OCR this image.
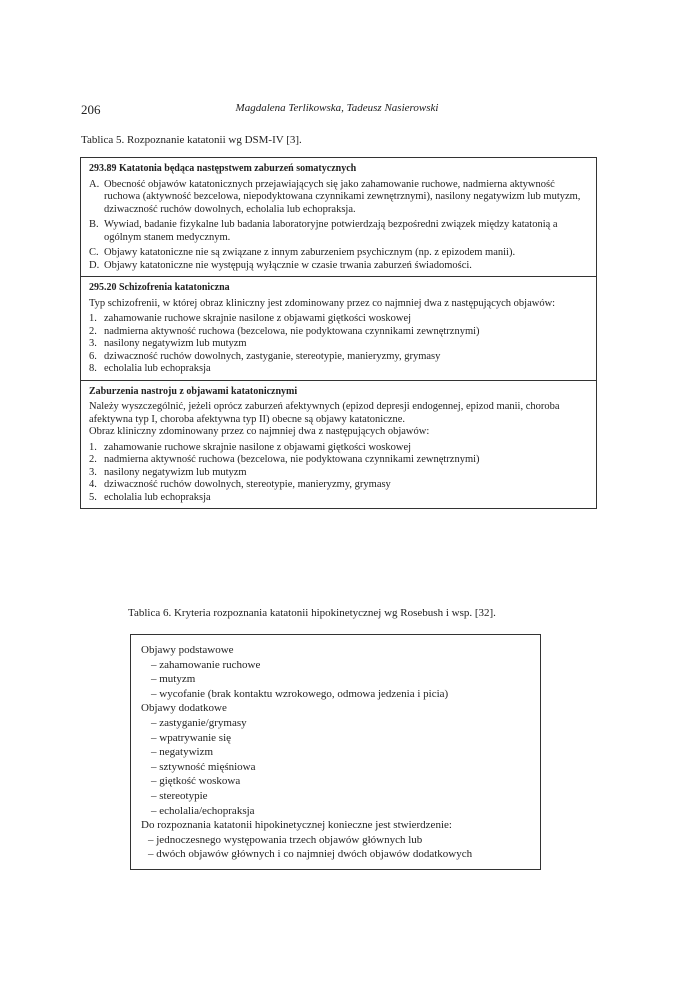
206	Magdalena Terlikowska, Tadeusz Nasierowski
Tablica 5. Rozpoznanie katatonii wg DSM-IV [3].
293.89 Katatonia będąca następstwem zaburzeń somatycznych
A. Obecność objawów katatonicznych przejawiających się jako zahamowanie ruchowe, nadmierna aktywność ruchowa (aktywność bezcelowa, niepodyktowana czynnikami zewnętrznymi), nasilony negatywizm lub mutyzm, dziwaczność ruchów dowolnych, echolalia lub echopraksja.
B. Wywiad, badanie fizykalne lub badania laboratoryjne potwierdzają bezpośredni związek między katatonią a ogólnym stanem medycznym.
C. Objawy katatoniczne nie są związane z innym zaburzeniem psychicznym (np. z epizodem manii).
D. Objawy katatoniczne nie występują wyłącznie w czasie trwania zaburzeń świadomości.
295.20 Schizofrenia katatoniczna
Typ schizofrenii, w której obraz kliniczny jest zdominowany przez co najmniej dwa z następujących objawów:
1. zahamowanie ruchowe skrajnie nasilone z objawami giętkości woskowej
2. nadmierna aktywność ruchowa (bezcelowa, nie podyktowana czynnikami zewnętrznymi)
3. nasilony negatywizm lub mutyzm
6. dziwaczność ruchów dowolnych, zastyganie, stereotypie, manieryzmy, grymasy
8. echolalia lub echopraksja
Zaburzenia nastroju z objawami katatonicznymi
Należy wyszczególnić, jeżeli oprócz zaburzeń afektywnych (epizod depresji endogennej, epizod manii, choroba afektywna typ I, choroba afektywna typ II) obecne są objawy katatoniczne.
Obraz kliniczny zdominowany przez co najmniej dwa z następujących objawów:
1. zahamowanie ruchowe skrajnie nasilone z objawami giętkości woskowej
2. nadmierna aktywność ruchowa (bezcelowa, nie podyktowana czynnikami zewnętrznymi)
3. nasilony negatywizm lub mutyzm
4. dziwaczność ruchów dowolnych, stereotypie, manieryzmy, grymasy
5. echolalia lub echopraksja
Tablica 6. Kryteria rozpoznania katatonii hipokinetycznej wg Rosebush i wsp. [32].
Objawy podstawowe
– zahamowanie ruchowe
– mutyzm
– wycofanie (brak kontaktu wzrokowego, odmowa jedzenia i picia)
Objawy dodatkowe
– zastyganie/grymasy
– wpatrywanie się
– negatywizm
– sztywność mięśniowa
– giętkość woskowa
– stereotypie
– echolalia/echopraksja
Do rozpoznania katatonii hipokinetycznej konieczne jest stwierdzenie:
– jednoczesnego występowania trzech objawów głównych lub
– dwóch objawów głównych i co najmniej dwóch objawów dodatkowych
